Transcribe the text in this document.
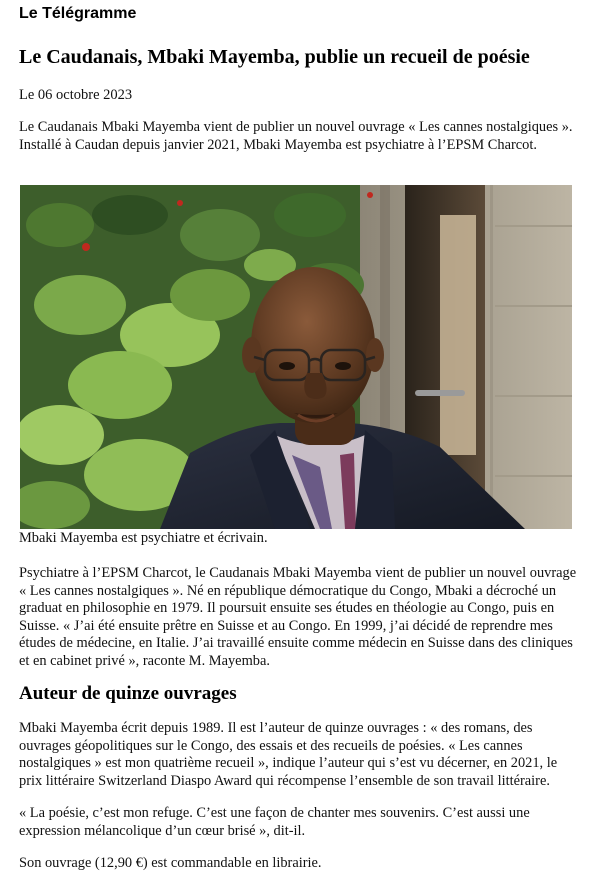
Le Télégramme
Le Caudanais, Mbaki Mayemba, publie un recueil de poésie
Le 06 octobre 2023

Le Caudanais Mbaki Mayemba vient de publier un nouvel ouvrage « Les cannes nostalgiques ». Installé à Caudan depuis janvier 2021, Mbaki Mayemba est psychiatre à l’EPSM Charcot.

Mbaki Mayemba est psychiatre et écrivain.

Psychiatre à l’EPSM Charcot, le Caudanais Mbaki Mayemba vient de publier un nouvel ouvrage « Les cannes nostalgiques ». Né en république démocratique du Congo, Mbaki a décroché un graduat en philosophie en 1979. Il poursuit ensuite ses études en théologie au Congo, puis en Suisse. « J’ai été ensuite prêtre en Suisse et au Congo. En 1999, j’ai décidé de reprendre mes études de médecine, en Italie. J’ai travaillé ensuite comme médecin en Suisse dans des cliniques et en cabinet privé », raconte M. Mayemba.

Auteur de quinze ouvrages

Mbaki Mayemba écrit depuis 1989. Il est l’auteur de quinze ouvrages : « des romans, des ouvrages géopolitiques sur le Congo, des essais et des recueils de poésies. « Les cannes nostalgiques » est mon quatrième recueil », indique l’auteur qui s’est vu décerner, en 2021, le prix littéraire Switzerland Diaspo Award qui récompense l’ensemble de son travail littéraire.

« La poésie, c’est mon refuge. C’est une façon de chanter mes souvenirs. C’est aussi une expression mélancolique d’un cœur brisé », dit-il.

Son ouvrage (12,90 €) est commandable en librairie.
